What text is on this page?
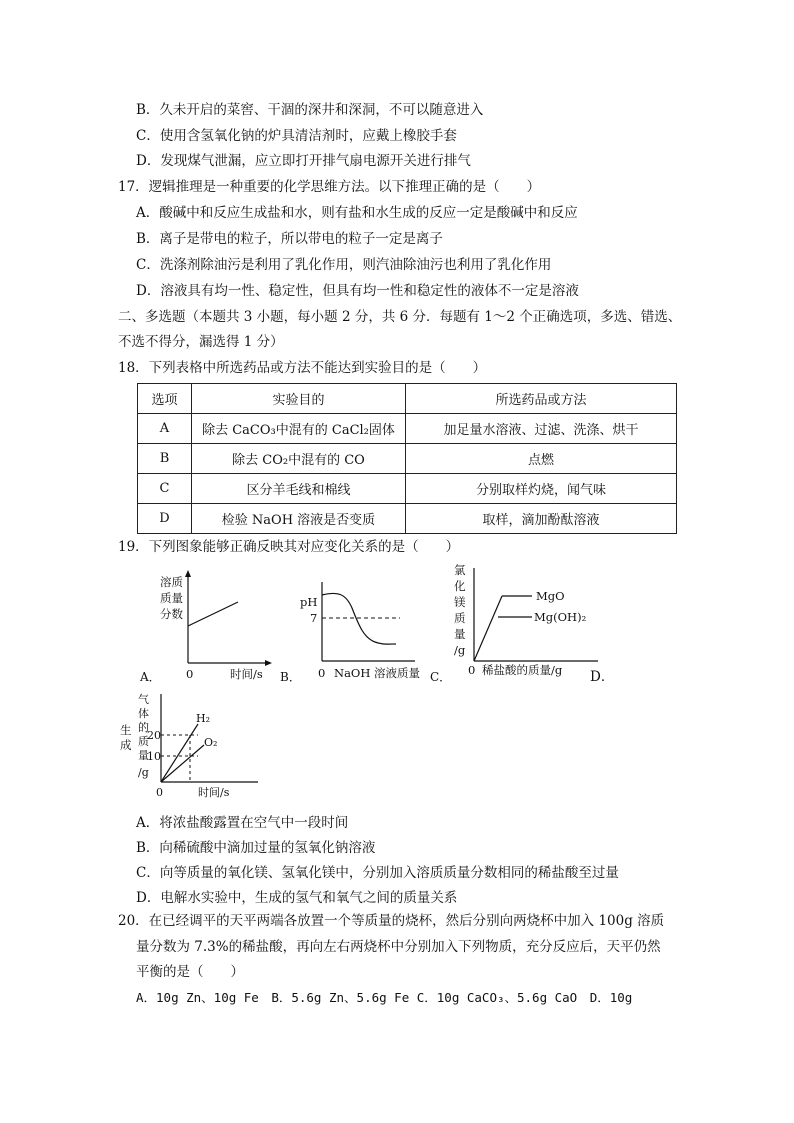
B．久未开启的菜窖、干涸的深井和深洞，不可以随意进入
C．使用含氢氧化钠的炉具清洁剂时，应戴上橡胶手套
D．发现煤气泄漏，应立即打开排气扇电源开关进行排气
17．逻辑推理是一种重要的化学思维方法。以下推理正确的是（　　）
A．酸碱中和反应生成盐和水，则有盐和水生成的反应一定是酸碱中和反应
B．离子是带电的粒子，所以带电的粒子一定是离子
C．洗涤剂除油污是利用了乳化作用，则汽油除油污也利用了乳化作用
D．溶液具有均一性、稳定性，但具有均一性和稳定性的液体不一定是溶液
二、多选题（本题共 3 小题，每小题 2 分，共 6 分．每题有 1～2 个正确选项，多选、错选、
不选不得分，漏选得 1 分）
18．下列表格中所选药品或方法不能达到实验目的是（　　）
选项	实验目的	所选药品或方法
A	除去 CaCO₃中混有的 CaCl₂固体	加足量水溶液、过滤、洗涤、烘干
B	除去 CO₂中混有的 CO	点燃
C	区分羊毛线和棉线	分别取样灼烧，闻气味
D	检验 NaOH 溶液是否变质	取样，滴加酚酞溶液
19．下列图象能够正确反映其对应变化关系的是（　　）
溶质
质量
分数
0	时间/s
A．
pH
7
0 NaOH 溶液质量
B．
MgO
Mg(OH)₂
氯
化
镁
质
量
/g
0 稀盐酸的质量/g
C．	D．
H₂
O₂
20
10
生
成
气
体
的
质
量
/g
0	时间/s
A．将浓盐酸露置在空气中一段时间
B．向稀硫酸中滴加过量的氢氧化钠溶液
C．向等质量的氧化镁、氢氧化镁中，分别加入溶质质量分数相同的稀盐酸至过量
D．电解水实验中，生成的氢气和氧气之间的质量关系
20．在已经调平的天平两端各放置一个等质量的烧杯，然后分别向两烧杯中加入 100g 溶质
量分数为 7.3%的稀盐酸，再向左右两烧杯中分别加入下列物质，充分反应后，天平仍然
平衡的是（　　）
A．10g Zn、10g Fe　B．5.6g Zn、5.6g Fe C．10g CaCO₃、5.6g CaO　D．10g
